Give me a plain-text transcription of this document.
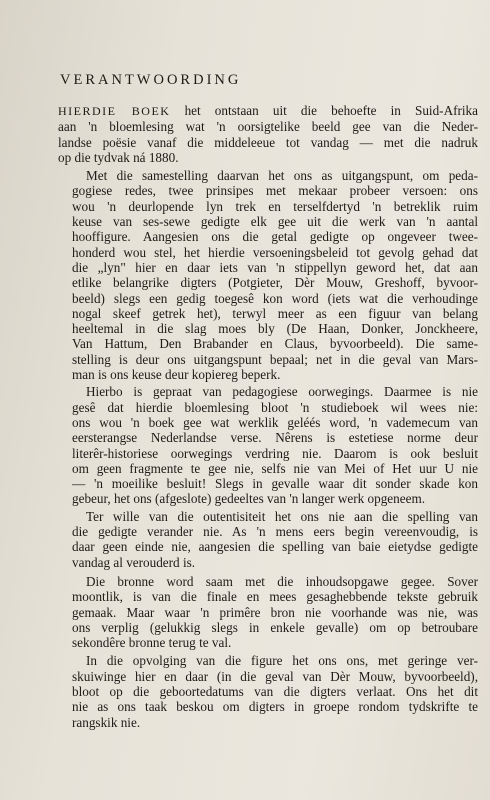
VERANTWOORDING
HIERDIE BOEK het ontstaan uit die behoefte in Suid-Afrika
aan 'n bloemlesing wat 'n oorsigtelike beeld gee van die Neder-
landse poësie vanaf die middeleeue tot vandag — met die nadruk
op die tydvak ná 1880.
Met die samestelling daarvan het ons as uitgangspunt, om peda-
gogiese redes, twee prinsipes met mekaar probeer versoen: ons
wou 'n deurlopende lyn trek en terselfdertyd 'n betreklik ruim
keuse van ses-sewe gedigte elk gee uit die werk van 'n aantal
hooffigure. Aangesien ons die getal gedigte op ongeveer twee-
honderd wou stel, het hierdie versoeningsbeleid tot gevolg gehad dat
die „lyn" hier en daar iets van 'n stippellyn geword het, dat aan
etlike belangrike digters (Potgieter, Dèr Mouw, Greshoff, byvoor-
beeld) slegs een gedig toegesê kon word (iets wat die verhoudinge
nogal skeef getrek het), terwyl meer as een figuur van belang
heeltemal in die slag moes bly (De Haan, Donker, Jonckheere,
Van Hattum, Den Brabander en Claus, byvoorbeeld). Die same-
stelling is deur ons uitgangspunt bepaal; net in die geval van Mars-
man is ons keuse deur kopiereg beperk.
Hierbo is gepraat van pedagogiese oorwegings. Daarmee is nie
gesê dat hierdie bloemlesing bloot 'n studieboek wil wees nie:
ons wou 'n boek gee wat werklik geléés word, 'n vademecum van
eersterangse Nederlandse verse. Nêrens is estetiese norme deur
literêr-historiese oorwegings verdring nie. Daarom is ook besluit
om geen fragmente te gee nie, selfs nie van Mei of Het uur U nie
— 'n moeilike besluit! Slegs in gevalle waar dit sonder skade kon
gebeur, het ons (afgeslote) gedeeltes van 'n langer werk opgeneem.
Ter wille van die outentisiteit het ons nie aan die spelling van
die gedigte verander nie. As 'n mens eers begin vereenvoudig, is
daar geen einde nie, aangesien die spelling van baie eietydse gedigte
vandag al verouderd is.
Die bronne word saam met die inhoudsopgawe gegee. Sover
moontlik, is van die finale en mees gesaghebbende tekste gebruik
gemaak. Maar waar 'n primêre bron nie voorhande was nie, was
ons verplig (gelukkig slegs in enkele gevalle) om op betroubare
sekondêre bronne terug te val.
In die opvolging van die figure het ons ons, met geringe ver-
skuiwinge hier en daar (in die geval van Dèr Mouw, byvoorbeeld),
bloot op die geboortedatums van die digters verlaat. Ons het dit
nie as ons taak beskou om digters in groepe rondom tydskrifte te
rangskik nie.
